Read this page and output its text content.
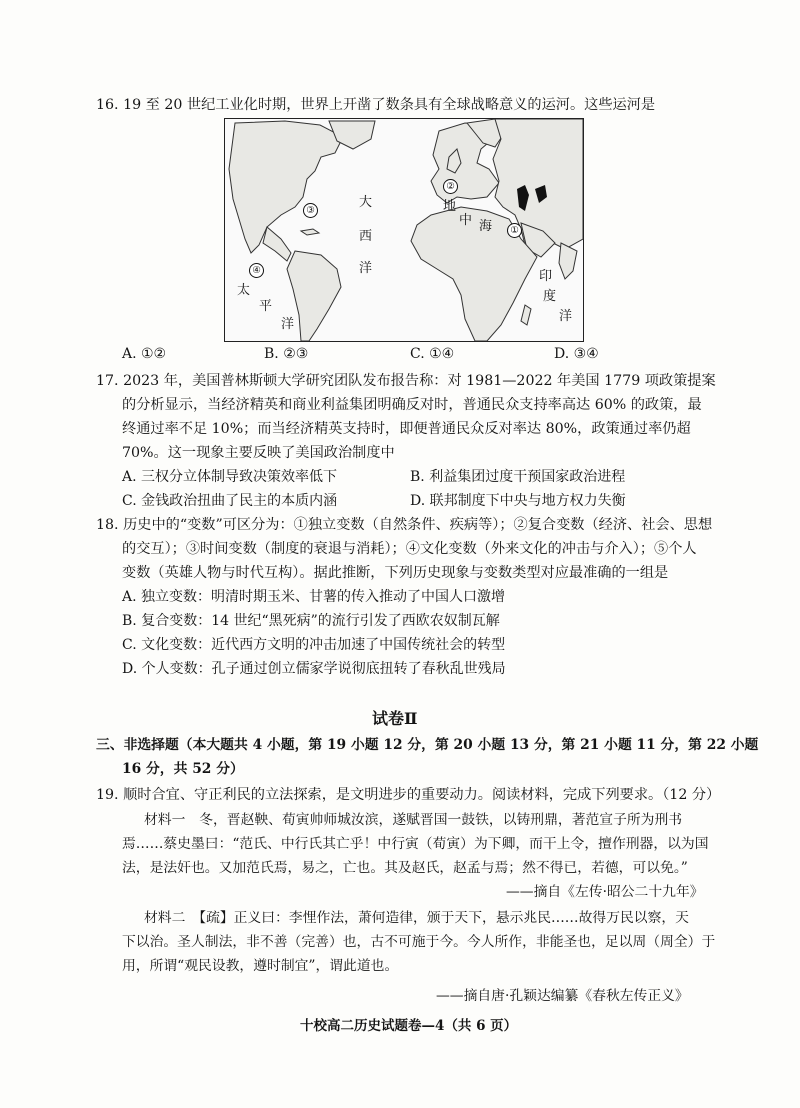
16. 19 至 20 世纪工业化时期，世界上开凿了数条具有全球战略意义的运河。这些运河是
大
西
洋
地
中 海
太
平
洋
印
度
洋
①
②
③
④
A. ①②	B. ②③	C. ①④	D. ③④
17. 2023 年，美国普林斯顿大学研究团队发布报告称：对 1981—2022 年美国 1779 项政策提案
的分析显示，当经济精英和商业利益集团明确反对时，普通民众支持率高达 60% 的政策，最
终通过率不足 10%；而当经济精英支持时，即便普通民众反对率达 80%，政策通过率仍超
70%。这一现象主要反映了美国政治制度中
A. 三权分立体制导致决策效率低下	B. 利益集团过度干预国家政治进程
C. 金钱政治扭曲了民主的本质内涵	D. 联邦制度下中央与地方权力失衡
18. 历史中的“变数”可区分为：①独立变数（自然条件、疾病等）；②复合变数（经济、社会、思想
的交互）；③时间变数（制度的衰退与消耗）；④文化变数（外来文化的冲击与介入）；⑤个人
变数（英雄人物与时代互构）。据此推断，下列历史现象与变数类型对应最准确的一组是
A. 独立变数：明清时期玉米、甘薯的传入推动了中国人口激增
B. 复合变数：14 世纪“黑死病”的流行引发了西欧农奴制瓦解
C. 文化变数：近代西方文明的冲击加速了中国传统社会的转型
D. 个人变数：孔子通过创立儒家学说彻底扭转了春秋乱世残局
试卷Ⅱ
三、非选择题（本大题共 4 小题，第 19 小题 12 分，第 20 小题 13 分，第 21 小题 11 分，第 22 小题
16 分，共 52 分）
19. 顺时合宜、守正利民的立法探索，是文明进步的重要动力。阅读材料，完成下列要求。（12 分）
材料一　冬，晋赵鞅、荀寅帅师城汝滨，遂赋晋国一鼓铁，以铸刑鼎，著范宣子所为刑书
焉……蔡史墨曰：“范氏、中行氏其亡乎！中行寅（荀寅）为下卿，而干上令，擅作刑器，以为国
法，是法奸也。又加范氏焉，易之，亡也。其及赵氏，赵孟与焉；然不得已，若德，可以免。”
——摘自《左传·昭公二十九年》
材料二　【疏】正义曰：李悝作法，萧何造律，颁于天下，悬示兆民……故得万民以察，天
下以治。圣人制法，非不善（完善）也，古不可施于今。今人所作，非能圣也，足以周（周全）于
用，所谓“观民设教，遵时制宜”，谓此道也。
——摘自唐·孔颖达编纂《春秋左传正义》
十校高二历史试题卷—4（共 6 页）
